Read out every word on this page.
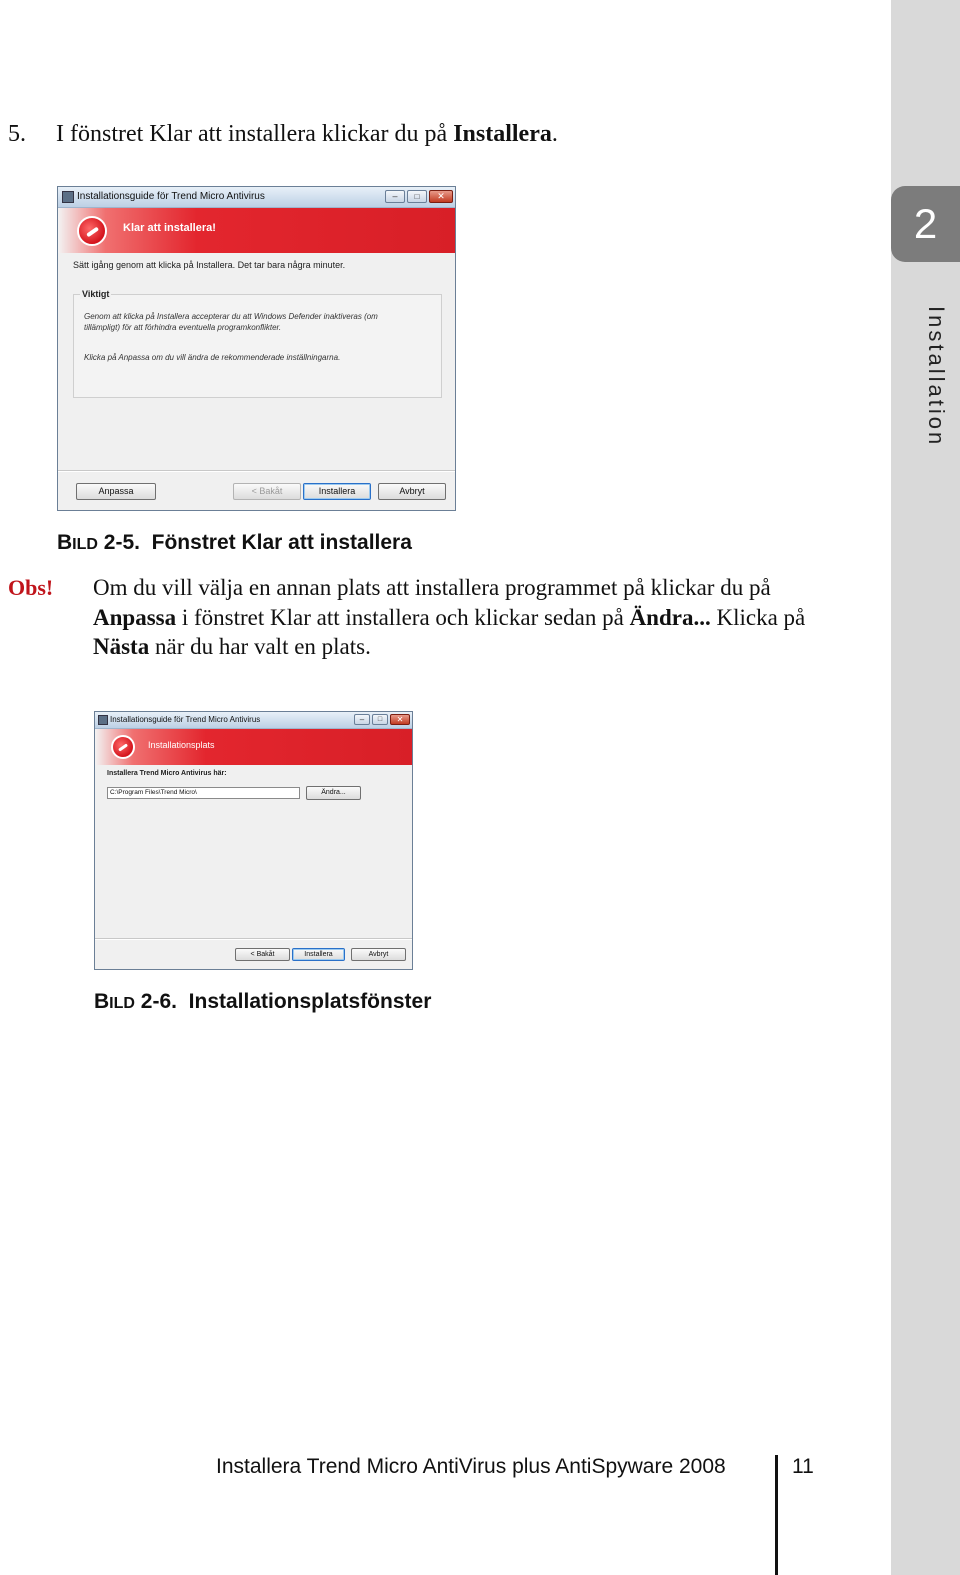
2
Installation
5. I fönstret Klar att installera klickar du på Installera.
Installationsguide för Trend Micro Antivirus	–	□	✕
Klar att installera!
Sätt igång genom att klicka på Installera. Det tar bara några minuter.
Viktigt
Genom att klicka på Installera accepterar du att Windows Defender inaktiveras (om
tillämpligt) för att förhindra eventuella programkonflikter.
Klicka på Anpassa om du vill ändra de rekommenderade inställningarna.
Anpassa	< Bakåt	Installera	Avbryt
BILD 2-5. Fönstret Klar att installera
Obs! Om du vill välja en annan plats att installera programmet på klickar du på Anpassa i fönstret Klar att installera och klickar sedan på Ändra... Klicka på Nästa när du har valt en plats.
Installationsguide för Trend Micro Antivirus	–	□	✕
Installationsplats
Installera Trend Micro Antivirus här:
C:\Program Files\Trend Micro\	Ändra...
< Bakåt	Installera	Avbryt
BILD 2-6. Installationsplatsfönster
Installera Trend Micro AntiVirus plus AntiSpyware 2008	11
